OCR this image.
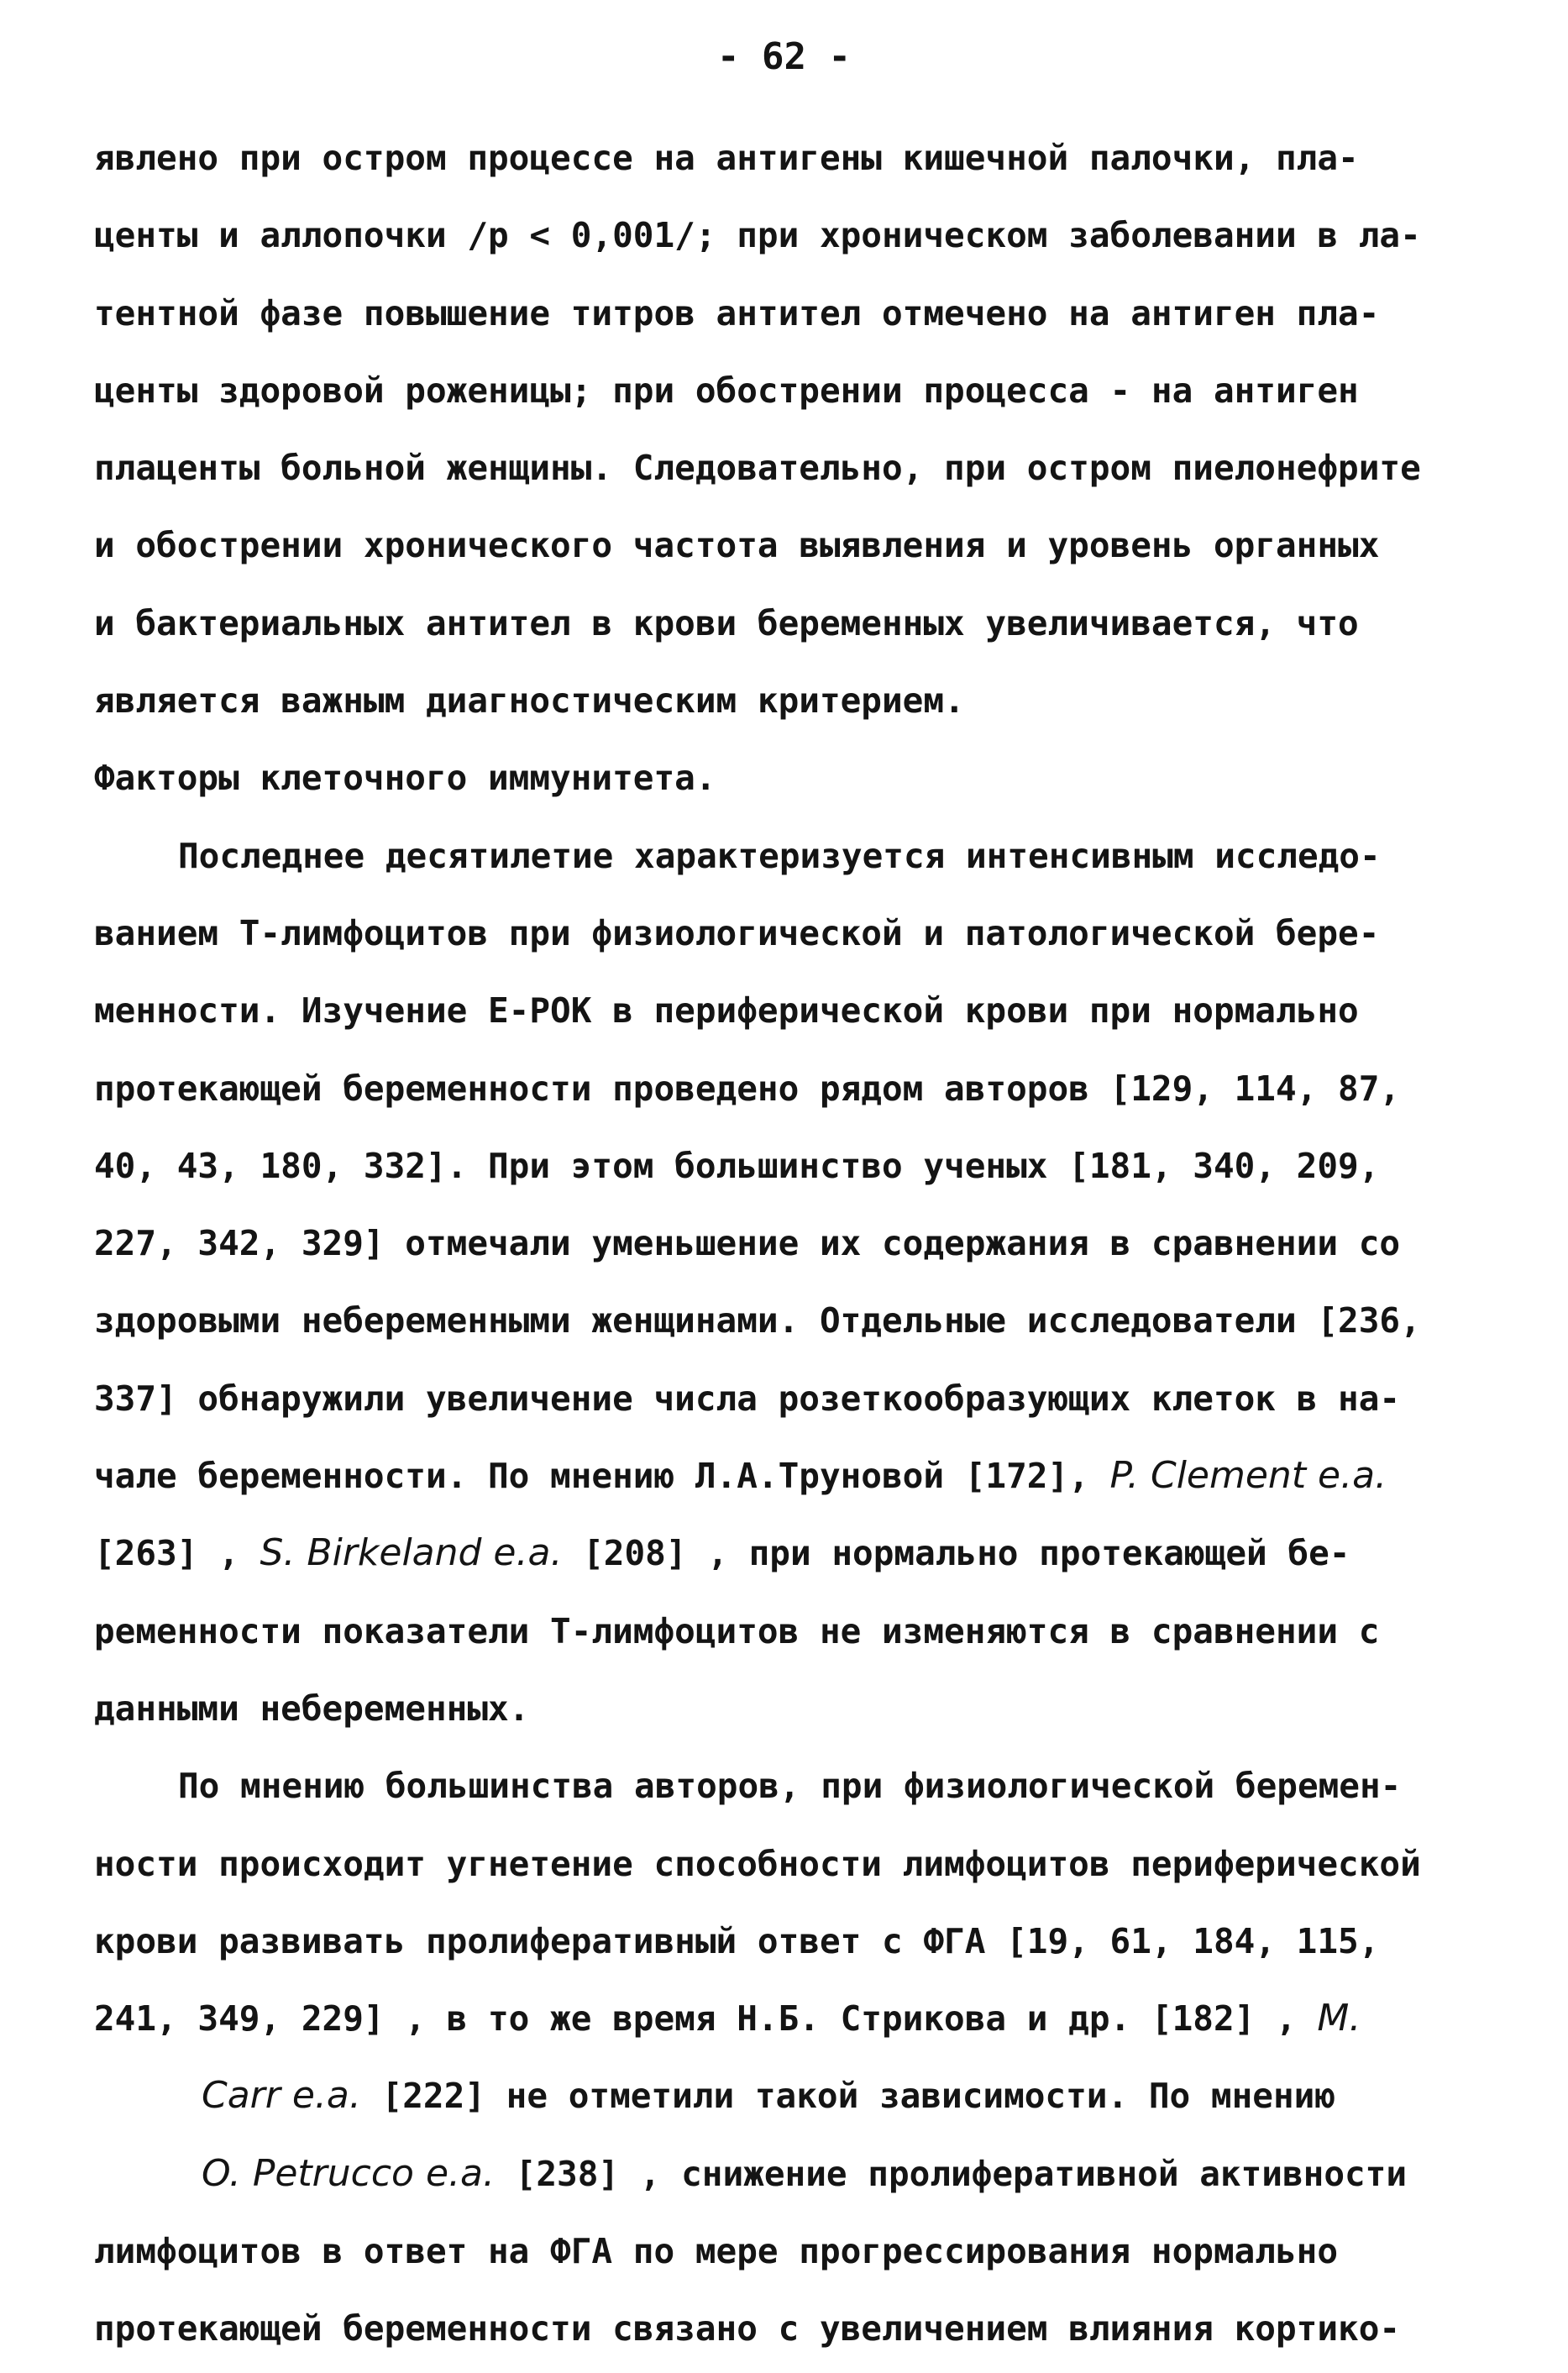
- 62 -
явлено при остром процессе на антигены кишечной палочки, пла-
центы и аллопочки /р < 0,001/; при хроническом заболевании в ла-
тентной фазе повышение титров антител отмечено на антиген пла-
центы здоровой роженицы; при обострении процесса - на антиген
плаценты больной женщины. Следовательно, при остром пиелонефрите
и обострении хронического частота выявления и уровень органных
и бактериальных антител в крови беременных увеличивается, что
является важным диагностическим критерием.
Факторы клеточного иммунитета.
Последнее десятилетие характеризуется интенсивным исследо-
ванием Т-лимфоцитов при физиологической и патологической бере-
менности. Изучение Е-РОК в периферической крови при нормально
протекающей беременности проведено рядом авторов [129, 114, 87,
40, 43, 180, 332]. При этом большинство ученых [181, 340, 209,
227, 342, 329] отмечали уменьшение их содержания в сравнении со
здоровыми небеременными женщинами. Отдельные исследователи [236,
337] обнаружили увеличение числа розеткообразующих клеток в на-
чале беременности. По мнению Л.А.Труновой [172], P. Clement e.a.
[263] , S. Birkeland e.a. [208] , при нормально протекающей бе-
ременности показатели Т-лимфоцитов не изменяются в сравнении с
данными небеременных.
По мнению большинства авторов, при физиологической беремен-
ности происходит угнетение способности лимфоцитов периферической
крови развивать пролиферативный ответ с ФГА [19, 61, 184, 115,
241, 349, 229] , в то же время Н.Б. Стрикова и др. [182] , M.
Carr e.a. [222] не отметили такой зависимости. По мнению
O. Petrucco e.a. [238] , снижение пролиферативной активности
лимфоцитов в ответ на ФГА по мере прогрессирования нормально
протекающей беременности связано с увеличением влияния кортико-
